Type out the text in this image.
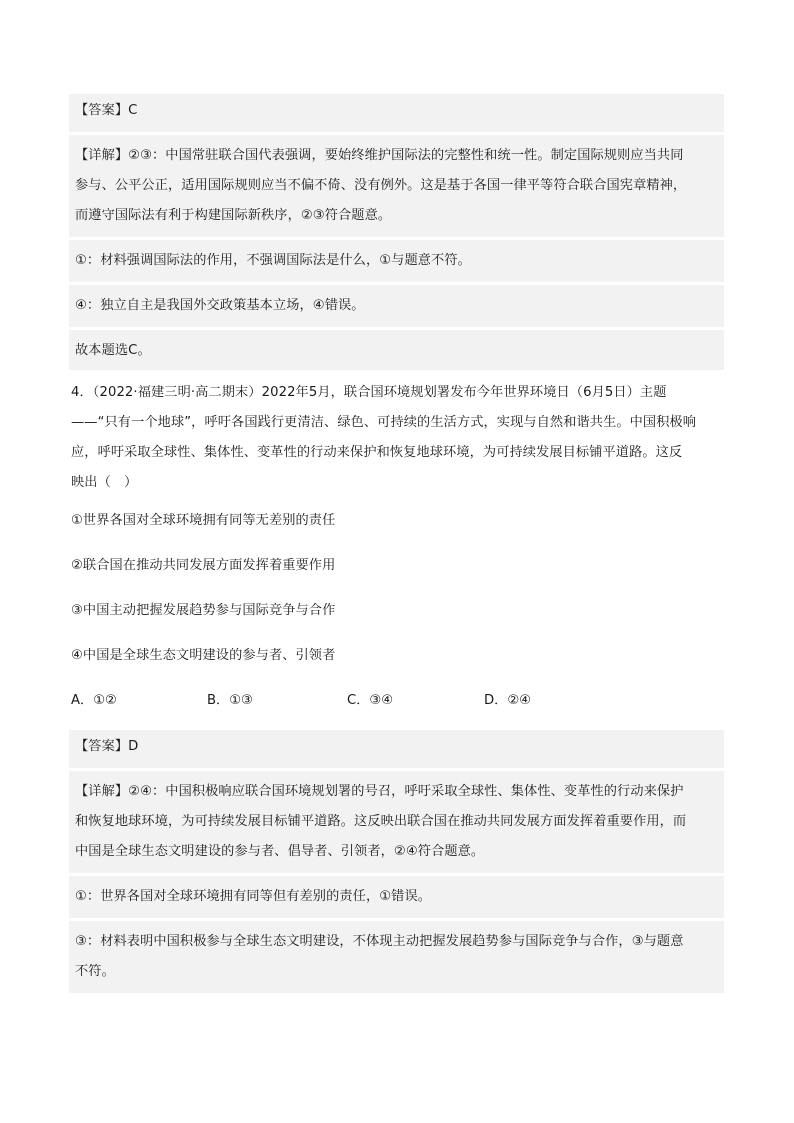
【答案】C
【详解】②③：中国常驻联合国代表强调，要始终维护国际法的完整性和统一性。制定国际规则应当共同
参与、公平公正，适用国际规则应当不偏不倚、没有例外。这是基于各国一律平等符合联合国宪章精神，
而遵守国际法有利于构建国际新秩序，②③符合题意。
①：材料强调国际法的作用，不强调国际法是什么，①与题意不符。
④：独立自主是我国外交政策基本立场，④错误。
故本题选C。
4．（2022·福建三明·高二期末）2022年5月，联合国环境规划署发布今年世界环境日（6月5日）主题
——“只有一个地球”，呼吁各国践行更清洁、绿色、可持续的生活方式，实现与自然和谐共生。中国积极响
应，呼吁采取全球性、集体性、变革性的行动来保护和恢复地球环境，为可持续发展目标铺平道路。这反
映出（　）
①世界各国对全球环境拥有同等无差别的责任
②联合国在推动共同发展方面发挥着重要作用
③中国主动把握发展趋势参与国际竞争与合作
④中国是全球生态文明建设的参与者、引领者
A．①②	B．①③	C．③④	D．②④
【答案】D
【详解】②④：中国积极响应联合国环境规划署的号召，呼吁采取全球性、集体性、变革性的行动来保护
和恢复地球环境，为可持续发展目标铺平道路。这反映出联合国在推动共同发展方面发挥着重要作用，而
中国是全球生态文明建设的参与者、倡导者、引领者，②④符合题意。
①：世界各国对全球环境拥有同等但有差别的责任，①错误。
③：材料表明中国积极参与全球生态文明建设，不体现主动把握发展趋势参与国际竞争与合作，③与题意
不符。
